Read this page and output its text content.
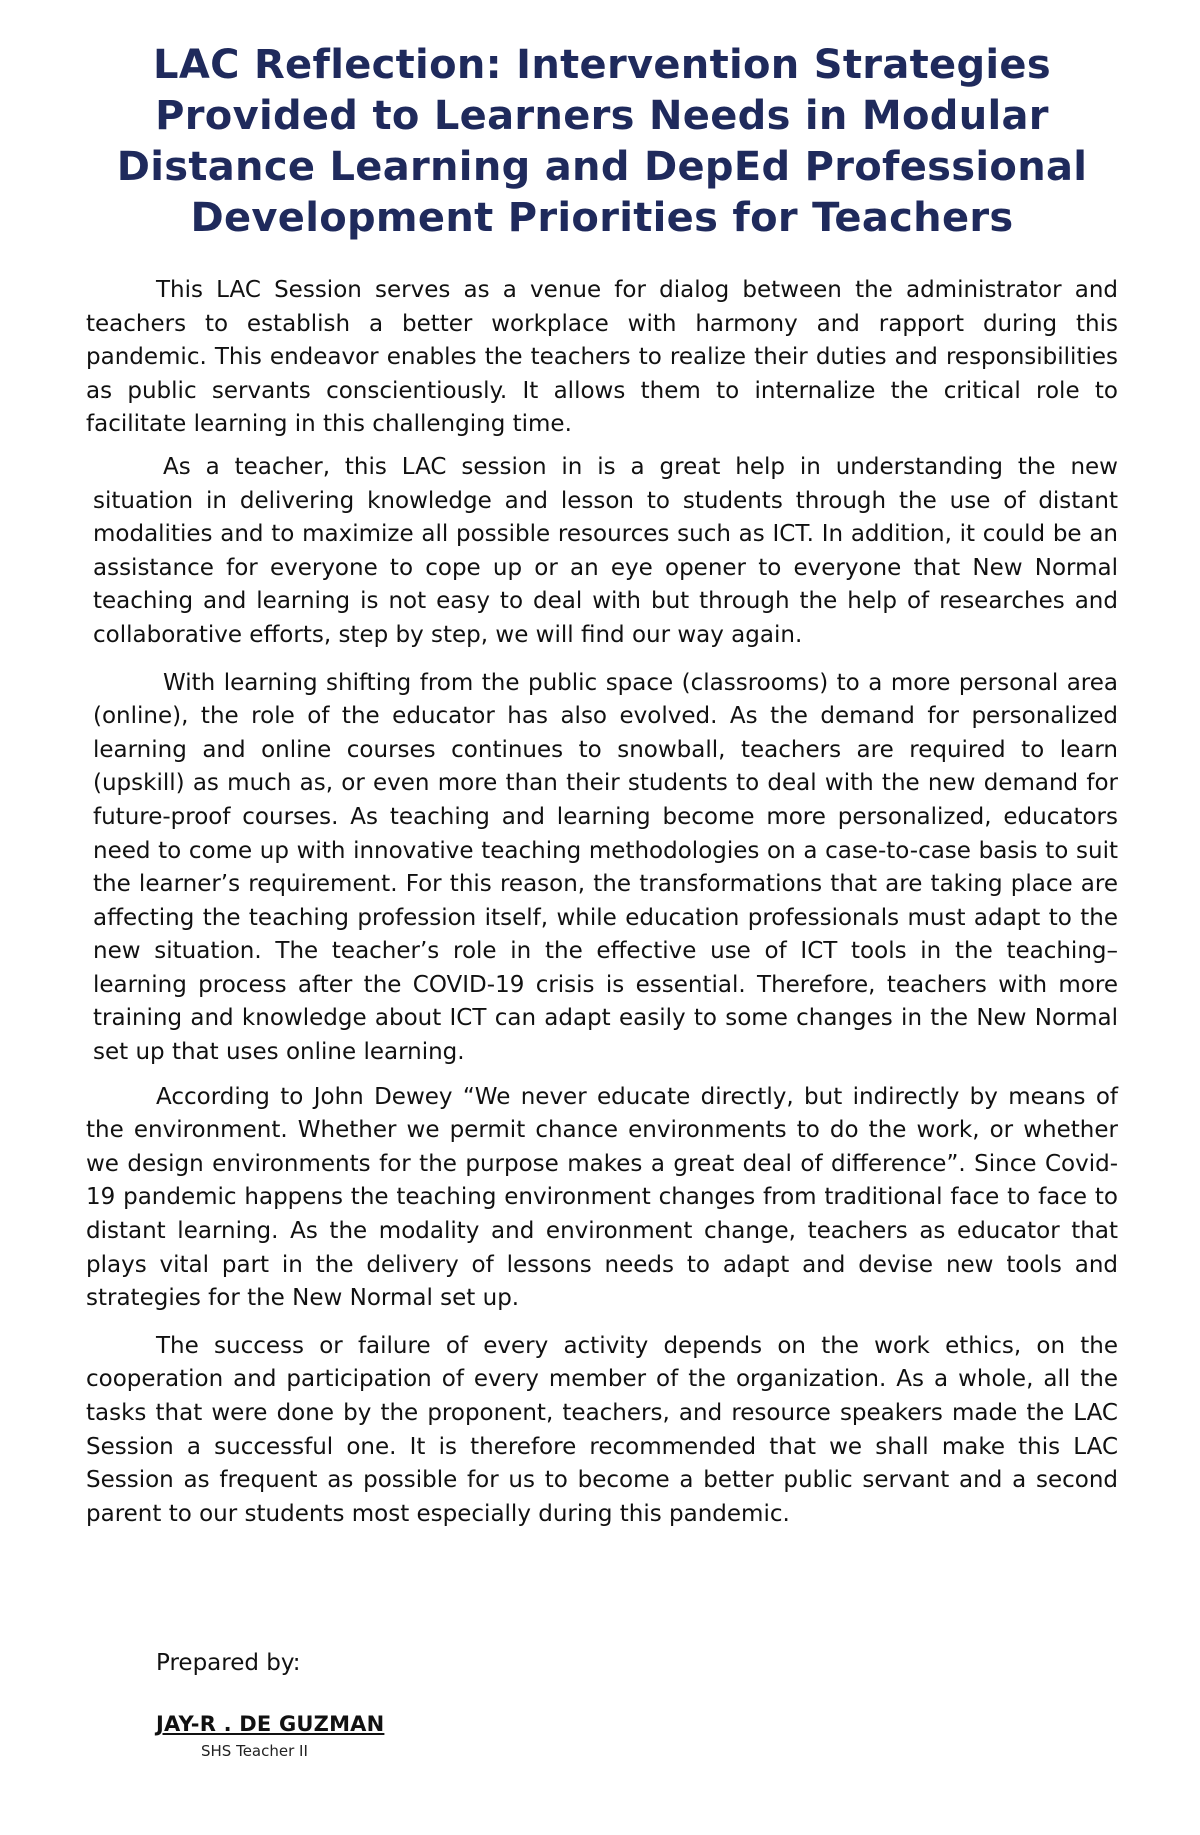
LAC Reflection: Intervention Strategies Provided to Learners Needs in Modular Distance Learning and DepEd Professional Development Priorities for Teachers

This LAC Session serves as a venue for dialog between the administrator and teachers to establish a better workplace with harmony and rapport during this pandemic. This endeavor enables the teachers to realize their duties and responsibilities as public servants conscientiously. It allows them to internalize the critical role to facilitate learning in this challenging time.

As a teacher, this LAC session in is a great help in understanding the new situation in delivering knowledge and lesson to students through the use of distant modalities and to maximize all possible resources such as ICT. In addition, it could be an assistance for everyone to cope up or an eye opener to everyone that New Normal teaching and learning is not easy to deal with but through the help of researches and collaborative efforts, step by step, we will find our way again.

With learning shifting from the public space (classrooms) to a more personal area (online), the role of the educator has also evolved. As the demand for personalized learning and online courses continues to snowball, teachers are required to learn (upskill) as much as, or even more than their students to deal with the new demand for future-proof courses. As teaching and learning become more personalized, educators need to come up with innovative teaching methodologies on a case-to-case basis to suit the learner’s requirement. For this reason, the transformations that are taking place are affecting the teaching profession itself, while education professionals must adapt to the new situation. The teacher’s role in the effective use of ICT tools in the teaching–learning process after the COVID-19 crisis is essential. Therefore, teachers with more training and knowledge about ICT can adapt easily to some changes in the New Normal set up that uses online learning.

According to John Dewey “We never educate directly, but indirectly by means of the environment. Whether we permit chance environments to do the work, or whether we design environments for the purpose makes a great deal of difference”. Since Covid-19 pandemic happens the teaching environment changes from traditional face to face to distant learning. As the modality and environment change, teachers as educator that plays vital part in the delivery of lessons needs to adapt and devise new tools and strategies for the New Normal set up.

The success or failure of every activity depends on the work ethics, on the cooperation and participation of every member of the organization. As a whole, all the tasks that were done by the proponent, teachers, and resource speakers made the LAC Session a successful one. It is therefore recommended that we shall make this LAC Session as frequent as possible for us to become a better public servant and a second parent to our students most especially during this pandemic.

Prepared by:
JAY-R . DE GUZMAN
SHS Teacher II
